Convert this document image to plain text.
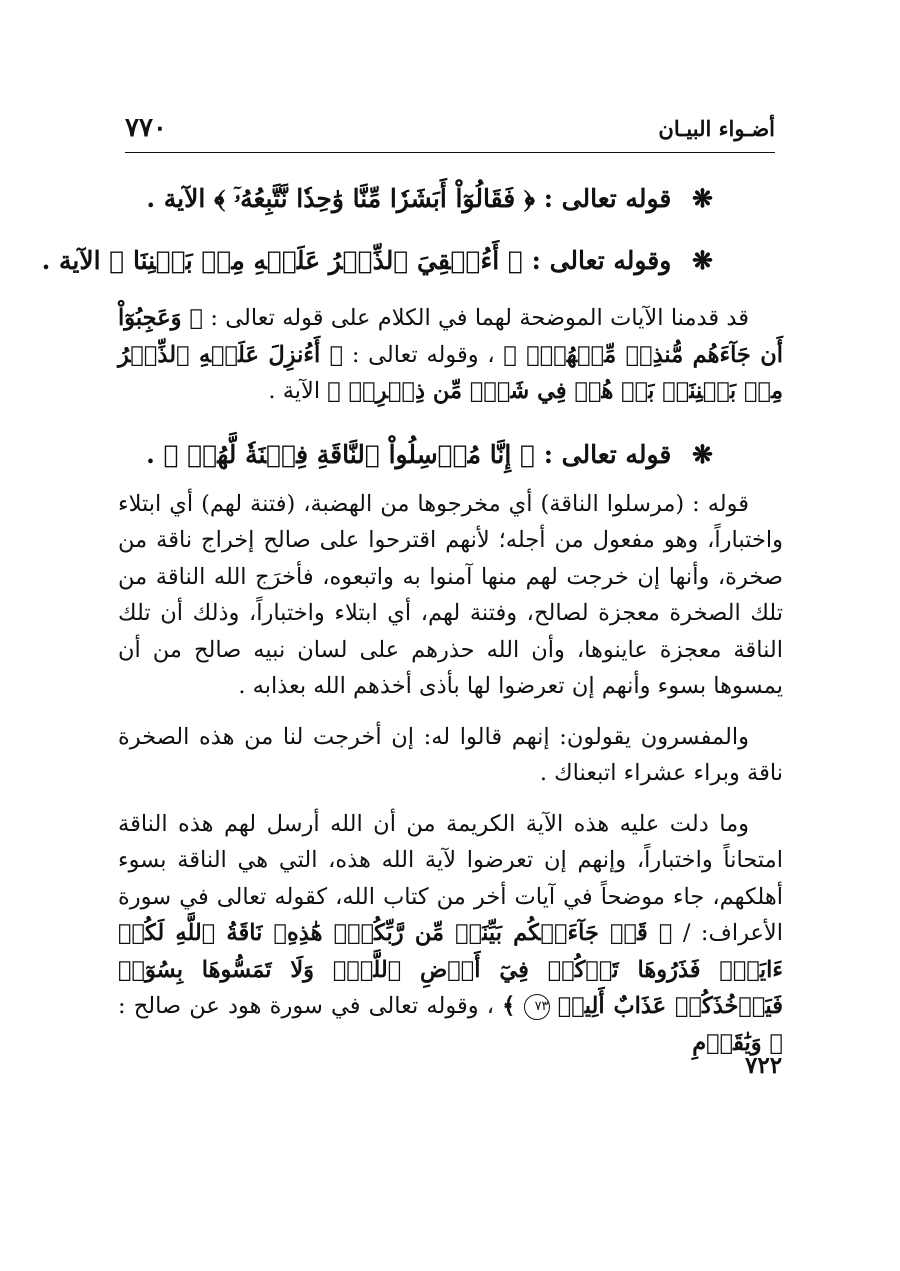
٧٧٠	أضـواء البيـان
❋ قوله تعالى : ﴿ فَقَالُوٓاْ أَبَشَرٗا مِّنَّا وَٰحِدٗا نَّتَّبِعُهُۥٓ ﴾ الآية .
❋ وقوله تعالى : ﴿ أَءُلۡقِيَ ٱلذِّكۡرُ عَلَيۡهِ مِنۢ بَيۡنِنَا ﴾ الآية .

قد قدمنا الآيات الموضحة لهما في الكلام على قوله تعالى : ﴿ وَعَجِبُوٓاْ أَن جَآءَهُم مُّنذِرٞ مِّنۡهُمۡۖ ﴾ ، وقوله تعالى : ﴿ أَءُنزِلَ عَلَيۡهِ ٱلذِّكۡرُ مِنۢ بَيۡنِنَاۚ بَلۡ هُمۡ فِي شَكّٖ مِّن ذِكۡرِيۚ ﴾ الآية .

❋ قوله تعالى : ﴿ إِنَّا مُرۡسِلُواْ ٱلنَّاقَةِ فِتۡنَةٗ لَّهُمۡ ﴾ .

قوله : (مرسلوا الناقة) أي مخرجوها من الهضبة، (فتنة لهم) أي ابتلاء واختباراً، وهو مفعول من أجله؛ لأنهم اقترحوا على صالح إخراج ناقة من صخرة، وأنها إن خرجت لهم منها آمنوا به واتبعوه، فأخرَج الله الناقة من تلك الصخرة معجزة لصالح، وفتنة لهم، أي ابتلاء واختباراً، وذلك أن تلك الناقة معجزة عاينوها، وأن الله حذرهم على لسان نبيه صالح من أن يمسوها بسوء وأنهم إن تعرضوا لها بأذى أخذهم الله بعذابه .

والمفسرون يقولون: إنهم قالوا له: إن أخرجت لنا من هذه الصخرة ناقة وبراء عشراء اتبعناك .

وما دلت عليه هذه الآية الكريمة من أن الله أرسل لهم هذه الناقة امتحاناً واختباراً، وإنهم إن تعرضوا لآية الله هذه، التي هي الناقة بسوء أهلكهم، جاء موضحاً في آيات أخر من كتاب الله، كقوله تعالى في سورة الأعراف: / ﴿ قَدۡ جَآءَتۡكُم بَيِّنَةٞ مِّن رَّبِّكُمۡۖ هَٰذِهِۦ نَاقَةُ ٱللَّهِ لَكُمۡ ءَايَةٗۖ فَذَرُوهَا تَأۡكُلۡ فِيٓ أَرۡضِ ٱللَّهِۖ وَلَا تَمَسُّوهَا بِسُوٓءٖ فَيَأۡخُذَكُمۡ عَذَابٌ أَلِيمٞ ٧٣ ﴾ ، وقوله تعالى في سورة هود عن صالح : ﴿ وَيَٰقَوۡمِ

٧٢٢
